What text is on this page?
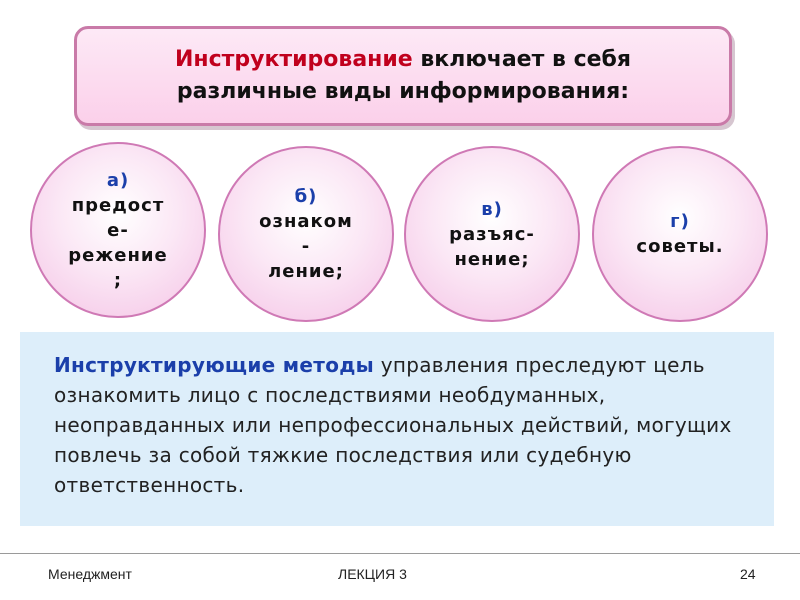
Инструктирование включает в себя
различные виды информирования:
а)
предост
е-
режение
;
б)
ознаком
-
ление;
в)
разъяс-
нение;
г)
советы.
Инструктирующие методы управления преследуют цель ознакомить лицо с последствиями необдуманных, неоправданных или непрофессиональных действий, могущих повлечь за собой тяжкие последствия или судебную ответственность.
Менеджмент	ЛЕКЦИЯ 3	24
